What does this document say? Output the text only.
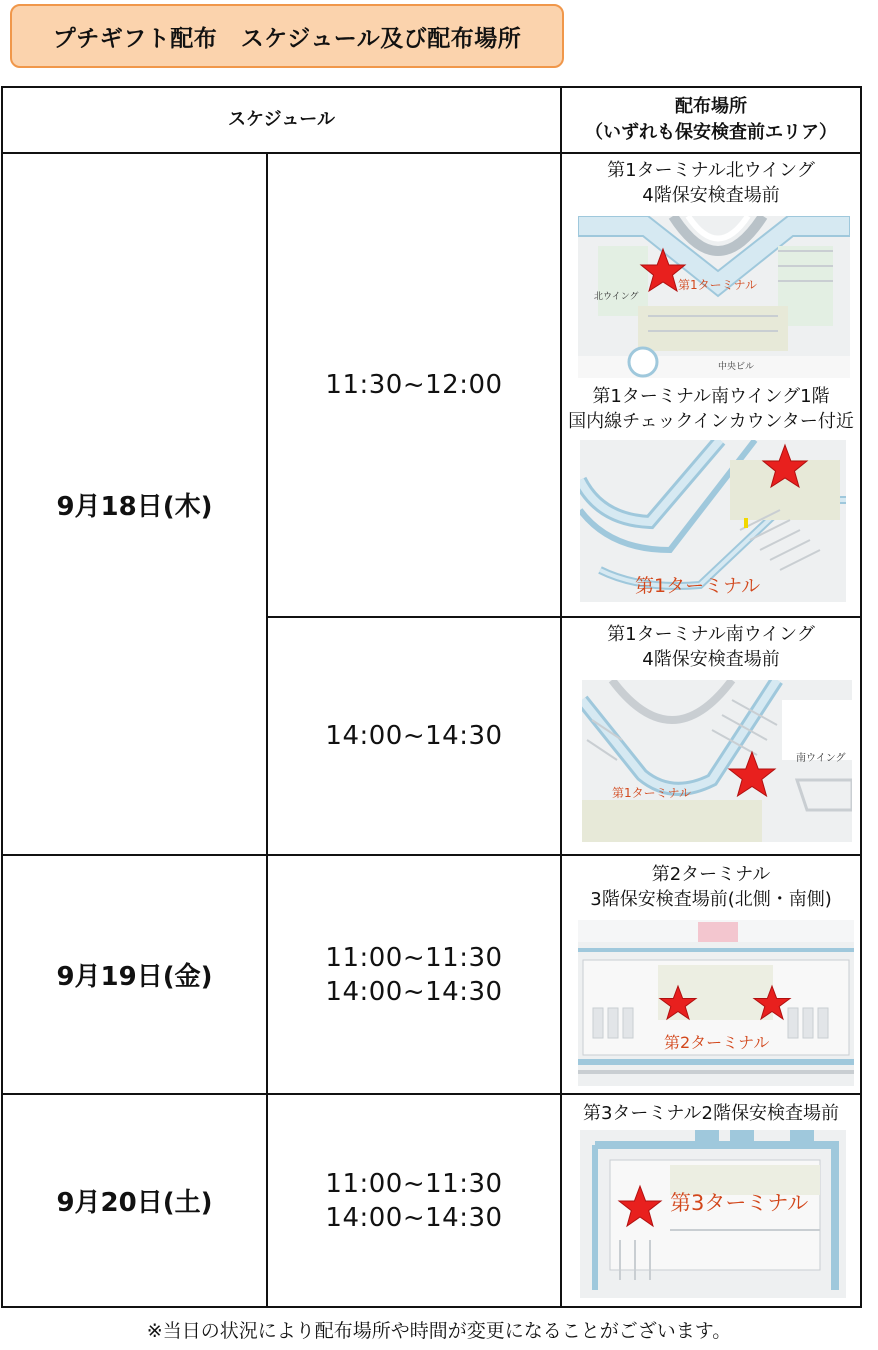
プチギフト配布　スケジュール及び配布場所
スケジュール
配布場所
（いずれも保安検査前エリア）
9月18日(木)
9月19日(金)
9月20日(土)
11:30~12:00
14:00~14:30
11:00~11:30
14:00~14:30
11:00~11:30
14:00~14:30
第1ターミナル北ウイング
4階保安検査場前
第1ターミナル
北ウイング
中央ビル
第1ターミナル南ウイング1階
国内線チェックインカウンター付近
第1ターミナル
第1ターミナル南ウイング
4階保安検査場前
第1ターミナル
南ウイング
第2ターミナル
3階保安検査場前(北側・南側)
第2ターミナル
第3ターミナル2階保安検査場前
第3ターミナル
※当日の状況により配布場所や時間が変更になることがございます。
